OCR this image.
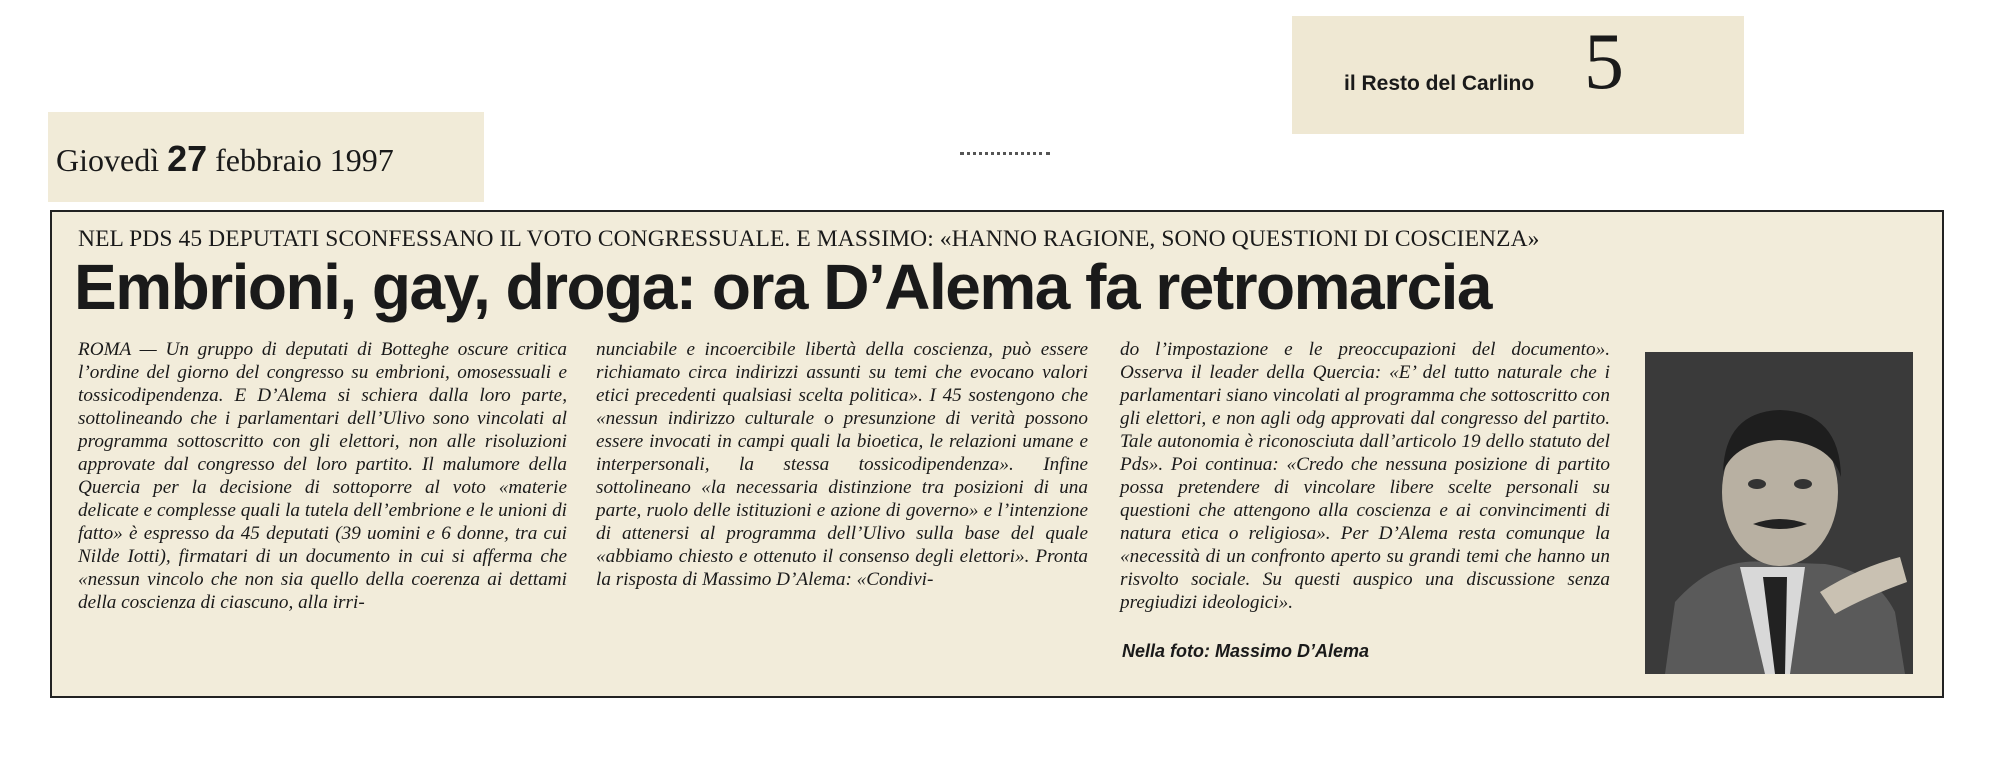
Giovedì 27 febbraio 1997
il Resto del Carlino 5
NEL PDS 45 DEPUTATI SCONFESSANO IL VOTO CONGRESSUALE. E MASSIMO: «HANNO RAGIONE, SONO QUESTIONI DI COSCIENZA»
Embrioni, gay, droga: ora D’Alema fa retromarcia
ROMA — Un gruppo di deputati di Botteghe oscure critica l’ordine del giorno del congresso su embrioni, omosessuali e tossicodipendenza. E D’Alema si schiera dalla loro parte, sottolineando che i parlamentari dell’Ulivo sono vincolati al programma sottoscritto con gli elettori, non alle risoluzioni approvate dal congresso del loro partito. Il malumore della Quercia per la decisione di sottoporre al voto «materie delicate e complesse quali la tutela dell’embrione e le unioni di fatto» è espresso da 45 deputati (39 uomini e 6 donne, tra cui Nilde Iotti), firmatari di un documento in cui si afferma che «nessun vincolo che non sia quello della coerenza ai dettami della coscienza di ciascuno, alla irri-
nunciabile e incoercibile libertà della coscienza, può essere richiamato circa indirizzi assunti su temi che evocano valori etici precedenti qualsiasi scelta politica». I 45 sostengono che «nessun indirizzo culturale o presunzione di verità possono essere invocati in campi quali la bioetica, le relazioni umane e interpersonali, la stessa tossicodipendenza». Infine sottolineano «la necessaria distinzione tra posizioni di una parte, ruolo delle istituzioni e azione di governo» e l’intenzione di attenersi al programma dell’Ulivo sulla base del quale «abbiamo chiesto e ottenuto il consenso degli elettori». Pronta la risposta di Massimo D’Alema: «Condivi-
do l’impostazione e le preoccupazioni del documento». Osserva il leader della Quercia: «E’ del tutto naturale che i parlamentari siano vincolati al programma che sottoscritto con gli elettori, e non agli odg approvati dal congresso del partito. Tale autonomia è riconosciuta dall’articolo 19 dello statuto del Pds». Poi continua: «Credo che nessuna posizione di partito possa pretendere di vincolare libere scelte personali su questioni che attengono alla coscienza e ai convincimenti di natura etica o religiosa». Per D’Alema resta comunque la «necessità di un confronto aperto su grandi temi che hanno un risvolto sociale. Su questi auspico una discussione senza pregiudizi ideologici».
Nella foto: Massimo D’Alema
